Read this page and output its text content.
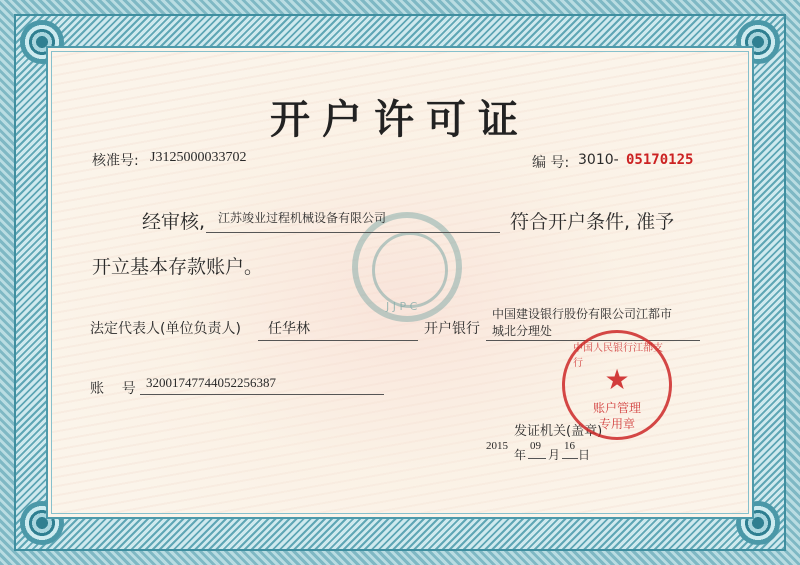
J J P C
开户许可证
核准号: J3125000033702	编 号: 3010- 05170125
经审核, 江苏竣业过程机械设备有限公司	符合开户条件, 准予
开立基本存款账户。
法定代表人(单位负责人) 任华林	开户银行
中国建设银行股份有限公司江都市
城北分理处
账    号 32001747744052256387
发证机关(盖章)
2015
年
09
月
16
日
中国人民银行江都支行 ★
账户管理
专用章
